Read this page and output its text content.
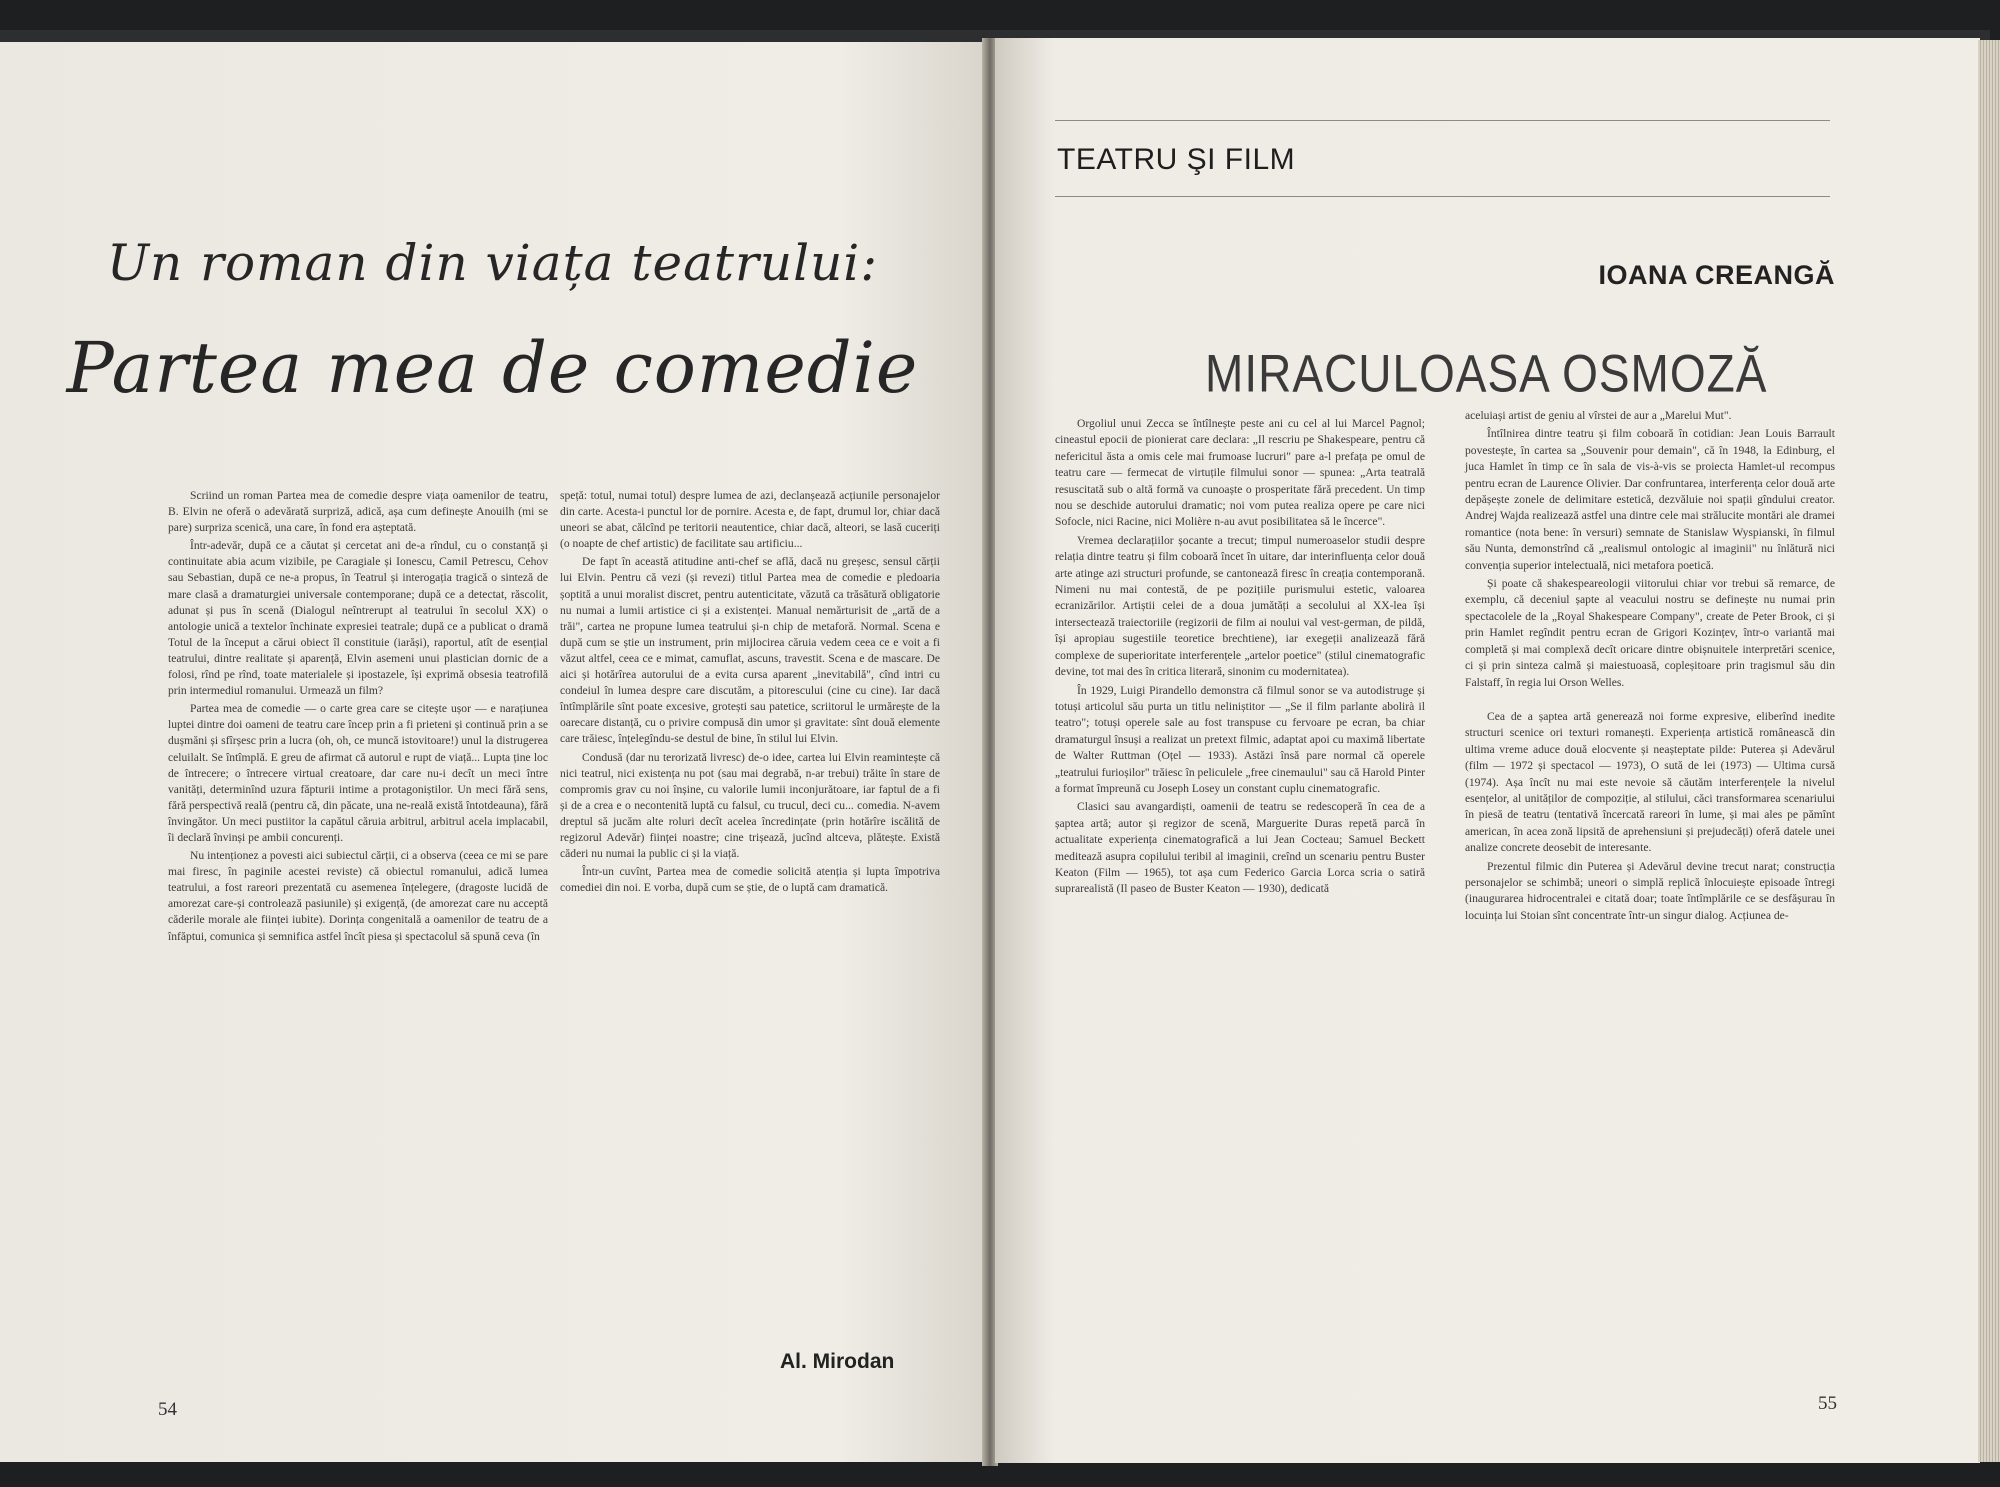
Un roman din viața teatrului:
Partea mea de comedie

Scriind un roman Partea mea de comedie despre viața oamenilor de teatru, B. Elvin ne oferă o adevărată surpriză, adică, așa cum definește Anouilh (mi se pare) surpriza scenică, una care, în fond era așteptată.

Într-adevăr, după ce a căutat și cercetat ani de-a rîndul, cu o constanță și continuitate abia acum vizibile, pe Caragiale și Ionescu, Camil Petrescu, Cehov sau Sebastian, după ce ne-a propus, în Teatrul și interogația tragică o sinteză de mare clasă a dramaturgiei universale contemporane; după ce a detectat, răscolit, adunat și pus în scenă (Dialogul neîntrerupt al teatrului în secolul XX) o antologie unică a textelor închinate expresiei teatrale; după ce a publicat o dramă Totul de la început a cărui obiect îl constituie (iarăși), raportul, atît de esențial teatrului, dintre realitate și aparență, Elvin asemeni unui plastician dornic de a folosi, rînd pe rînd, toate materialele și ipostazele, își exprimă obsesia teatrofilă prin intermediul romanului. Urmează un film?

Partea mea de comedie — o carte grea care se citește ușor — e narațiunea luptei dintre doi oameni de teatru care încep prin a fi prieteni și continuă prin a se dușmăni și sfîrșesc prin a lucra (oh, oh, ce muncă istovitoare!) unul la distrugerea celuilalt. Se întîmplă. E greu de afirmat că autorul e rupt de viață... Lupta ține loc de întrecere; o întrecere virtual creatoare, dar care nu-i decît un meci între vanități, determinînd uzura făpturii intime a protagoniștilor. Un meci fără sens, fără perspectivă reală (pentru că, din păcate, una ne-reală există întotdeauna), fără învingător. Un meci pustiitor la capătul căruia arbitrul, arbitrul acela implacabil, îi declară învinși pe ambii concurenți.

Nu intenționez a povesti aici subiectul cărții, ci a observa (ceea ce mi se pare mai firesc, în paginile acestei reviste) că obiectul romanului, adică lumea teatrului, a fost rareori prezentată cu asemenea înțelegere, (dragoste lucidă de amorezat care-și controlează pasiunile) și exigență, (de amorezat care nu acceptă căderile morale ale ființei iubite). Dorința congenitală a oamenilor de teatru de a înfăptui, comunica și semnifica astfel încît piesa și spectacolul să spună ceva (în

speță: totul, numai totul) despre lumea de azi, declanșează acțiunile personajelor din carte. Acesta-i punctul lor de pornire. Acesta e, de fapt, drumul lor, chiar dacă uneori se abat, călcînd pe teritorii neautentice, chiar dacă, alteori, se lasă cuceriți (o noapte de chef artistic) de facilitate sau artificiu...

De fapt în această atitudine anti-chef se află, dacă nu greșesc, sensul cărții lui Elvin. Pentru că vezi (și revezi) titlul Partea mea de comedie e pledoaria șoptită a unui moralist discret, pentru autenticitate, văzută ca trăsătură obligatorie nu numai a lumii artistice ci și a existenței. Manual nemărturisit de „artă de a trăi", cartea ne propune lumea teatrului și-n chip de metaforă. Normal. Scena e după cum se știe un instrument, prin mijlocirea căruia vedem ceea ce e voit a fi văzut altfel, ceea ce e mimat, camuflat, ascuns, travestit. Scena e de mascare. De aici și hotărîrea autorului de a evita cursa aparent „inevitabilă", cînd intri cu condeiul în lumea despre care discutăm, a pitorescului (cine cu cine). Iar dacă întîmplările sînt poate excesive, grotești sau patetice, scriitorul le urmărește de la oarecare distanță, cu o privire compusă din umor și gravitate: sînt două elemente care trăiesc, înțelegîndu-se destul de bine, în stilul lui Elvin.

Condusă (dar nu terorizată livresc) de-o idee, cartea lui Elvin reamintește că nici teatrul, nici existența nu pot (sau mai degrabă, n-ar trebui) trăite în stare de compromis grav cu noi înșine, cu valorile lumii inconjurătoare, iar faptul de a fi și de a crea e o necontenită luptă cu falsul, cu trucul, deci cu... comedia. N-avem dreptul să jucăm alte roluri decît acelea încredințate (prin hotărîre iscălită de regizorul Adevăr) ființei noastre; cine trișează, jucînd altceva, plătește. Există căderi nu numai la public ci și la viață.

Într-un cuvînt, Partea mea de comedie solicită atenția și lupta împotriva comediei din noi. E vorba, după cum se știe, de o luptă cam dramatică.

Al. Mirodan
54
TEATRU ŞI FILM
IOANA CREANGĂ
MIRACULOASA OSMOZĂ

Orgoliul unui Zecca se întîlnește peste ani cu cel al lui Marcel Pagnol; cineastul epocii de pionierat care declara: „Il rescriu pe Shakespeare, pentru că nefericitul ăsta a omis cele mai frumoase lucruri" pare a-l prefața pe omul de teatru care — fermecat de virtuțile filmului sonor — spunea: „Arta teatrală resuscitată sub o altă formă va cunoaște o prosperitate fără precedent. Un timp nou se deschide autorului dramatic; noi vom putea realiza opere pe care nici Sofocle, nici Racine, nici Molière n-au avut posibilitatea să le încerce".

Vremea declarațiilor șocante a trecut; timpul numeroaselor studii despre relația dintre teatru și film coboară încet în uitare, dar interinfluența celor două arte atinge azi structuri profunde, se cantonează firesc în creația contemporană. Nimeni nu mai contestă, de pe pozițiile purismului estetic, valoarea ecranizărilor. Artiștii celei de a doua jumătăți a secolului al XX-lea își intersectează traiectoriile (regizorii de film ai noului val vest-german, de pildă, își apropiau sugestiile teoretice brechtiene), iar exegeții analizează fără complexe de superioritate interferențele „artelor poetice" (stilul cinematografic devine, tot mai des în critica literară, sinonim cu modernitatea).

În 1929, Luigi Pirandello demonstra că filmul sonor se va autodistruge și totuși articolul său purta un titlu neliniștitor — „Se il film parlante abolirà il teatro"; totuși operele sale au fost transpuse cu fervoare pe ecran, ba chiar dramaturgul însuși a realizat un pretext filmic, adaptat apoi cu maximă libertate de Walter Ruttman (Oțel — 1933). Astăzi însă pare normal că operele „teatrului furioșilor" trăiesc în peliculele „free cinemaului" sau că Harold Pinter a format împreună cu Joseph Losey un constant cuplu cinematografic.

Clasici sau avangardiști, oamenii de teatru se redescoperă în cea de a șaptea artă; autor și regizor de scenă, Marguerite Duras repetă parcă în actualitate experiența cinematografică a lui Jean Cocteau; Samuel Beckett meditează asupra copilului teribil al imaginii, creînd un scenariu pentru Buster Keaton (Film — 1965), tot așa cum Federico Garcia Lorca scria o satiră suprarealistă (Il paseo de Buster Keaton — 1930), dedicată

aceluiași artist de geniu al vîrstei de aur a „Marelui Mut".

Întîlnirea dintre teatru și film coboară în cotidian: Jean Louis Barrault povestește, în cartea sa „Souvenir pour demain", că în 1948, la Edinburg, el juca Hamlet în timp ce în sala de vis-à-vis se proiecta Hamlet-ul recompus pentru ecran de Laurence Olivier. Dar confruntarea, interferența celor două arte depășește zonele de delimitare estetică, dezvăluie noi spații gîndului creator. Andrej Wajda realizează astfel una dintre cele mai strălucite montări ale dramei romantice (nota bene: în versuri) semnate de Stanislaw Wyspianski, în filmul său Nunta, demonstrînd că „realismul ontologic al imaginii" nu înlătură nici convenția superior intelectuală, nici metafora poetică.

Și poate că shakespeareologii viitorului chiar vor trebui să remarce, de exemplu, că deceniul șapte al veacului nostru se definește nu numai prin spectacolele de la „Royal Shakespeare Company", create de Peter Brook, ci și prin Hamlet regîndit pentru ecran de Grigori Kozințev, într-o variantă mai completă și mai complexă decît oricare dintre obișnuitele interpretări scenice, ci și prin sinteza calmă și maiestuoasă, copleșitoare prin tragismul său din Falstaff, în regia lui Orson Welles.

Cea de a șaptea artă generează noi forme expresive, eliberînd inedite structuri scenice ori texturi romanești. Experiența artistică românească din ultima vreme aduce două elocvente și neașteptate pilde: Puterea și Adevărul (film — 1972 și spectacol — 1973), O sută de lei (1973) — Ultima cursă (1974). Așa încît nu mai este nevoie să căutăm interferențele la nivelul esențelor, al unităților de compoziție, al stilului, căci transformarea scenariului în piesă de teatru (tentativă încercată rareori în lume, și mai ales pe pămînt american, în acea zonă lipsită de aprehensiuni și prejudecăți) oferă datele unei analize concrete deosebit de interesante.

Prezentul filmic din Puterea și Adevărul devine trecut narat; construcția personajelor se schimbă; uneori o simplă replică înlocuiește episoade întregi (inaugurarea hidrocentralei e citată doar; toate întîmplările ce se desfășurau în locuința lui Stoian sînt concentrate într-un singur dialog. Acțiunea de-

55
